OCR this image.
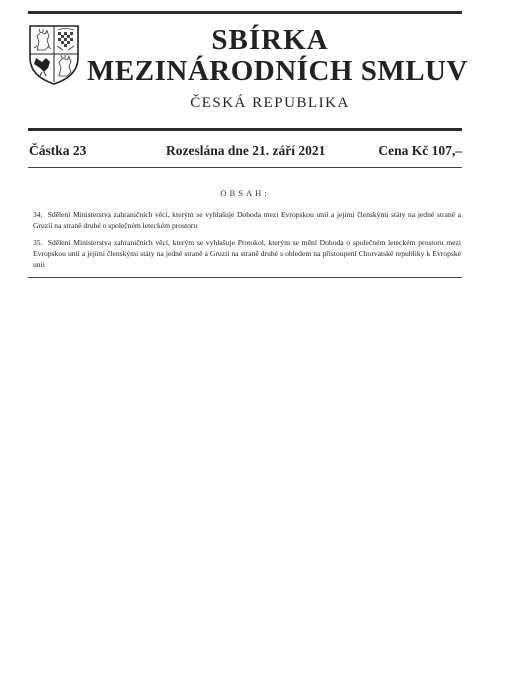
SBÍRKA
MEZINÁRODNÍCH SMLUV
ČESKÁ REPUBLIKA
Částka 23	Rozeslána dne 21. září 2021	Cena Kč 107,–
OBSAH:
34. Sdělení Ministerstva zahraničních věcí, kterým se vyhlašuje Dohoda mezi Evropskou unií a jejími členskými státy na jedné straně a Gruzií na straně druhé o společném leteckém prostoru
35. Sdělení Ministerstva zahraničních věcí, kterým se vyhlašuje Protokol, kterým se mění Dohoda o společném leteckém prostoru mezi Evropskou unií a jejími členskými státy na jedné straně a Gruzií na straně druhé s ohledem na přistoupení Chorvatské republiky k Evropské unii
